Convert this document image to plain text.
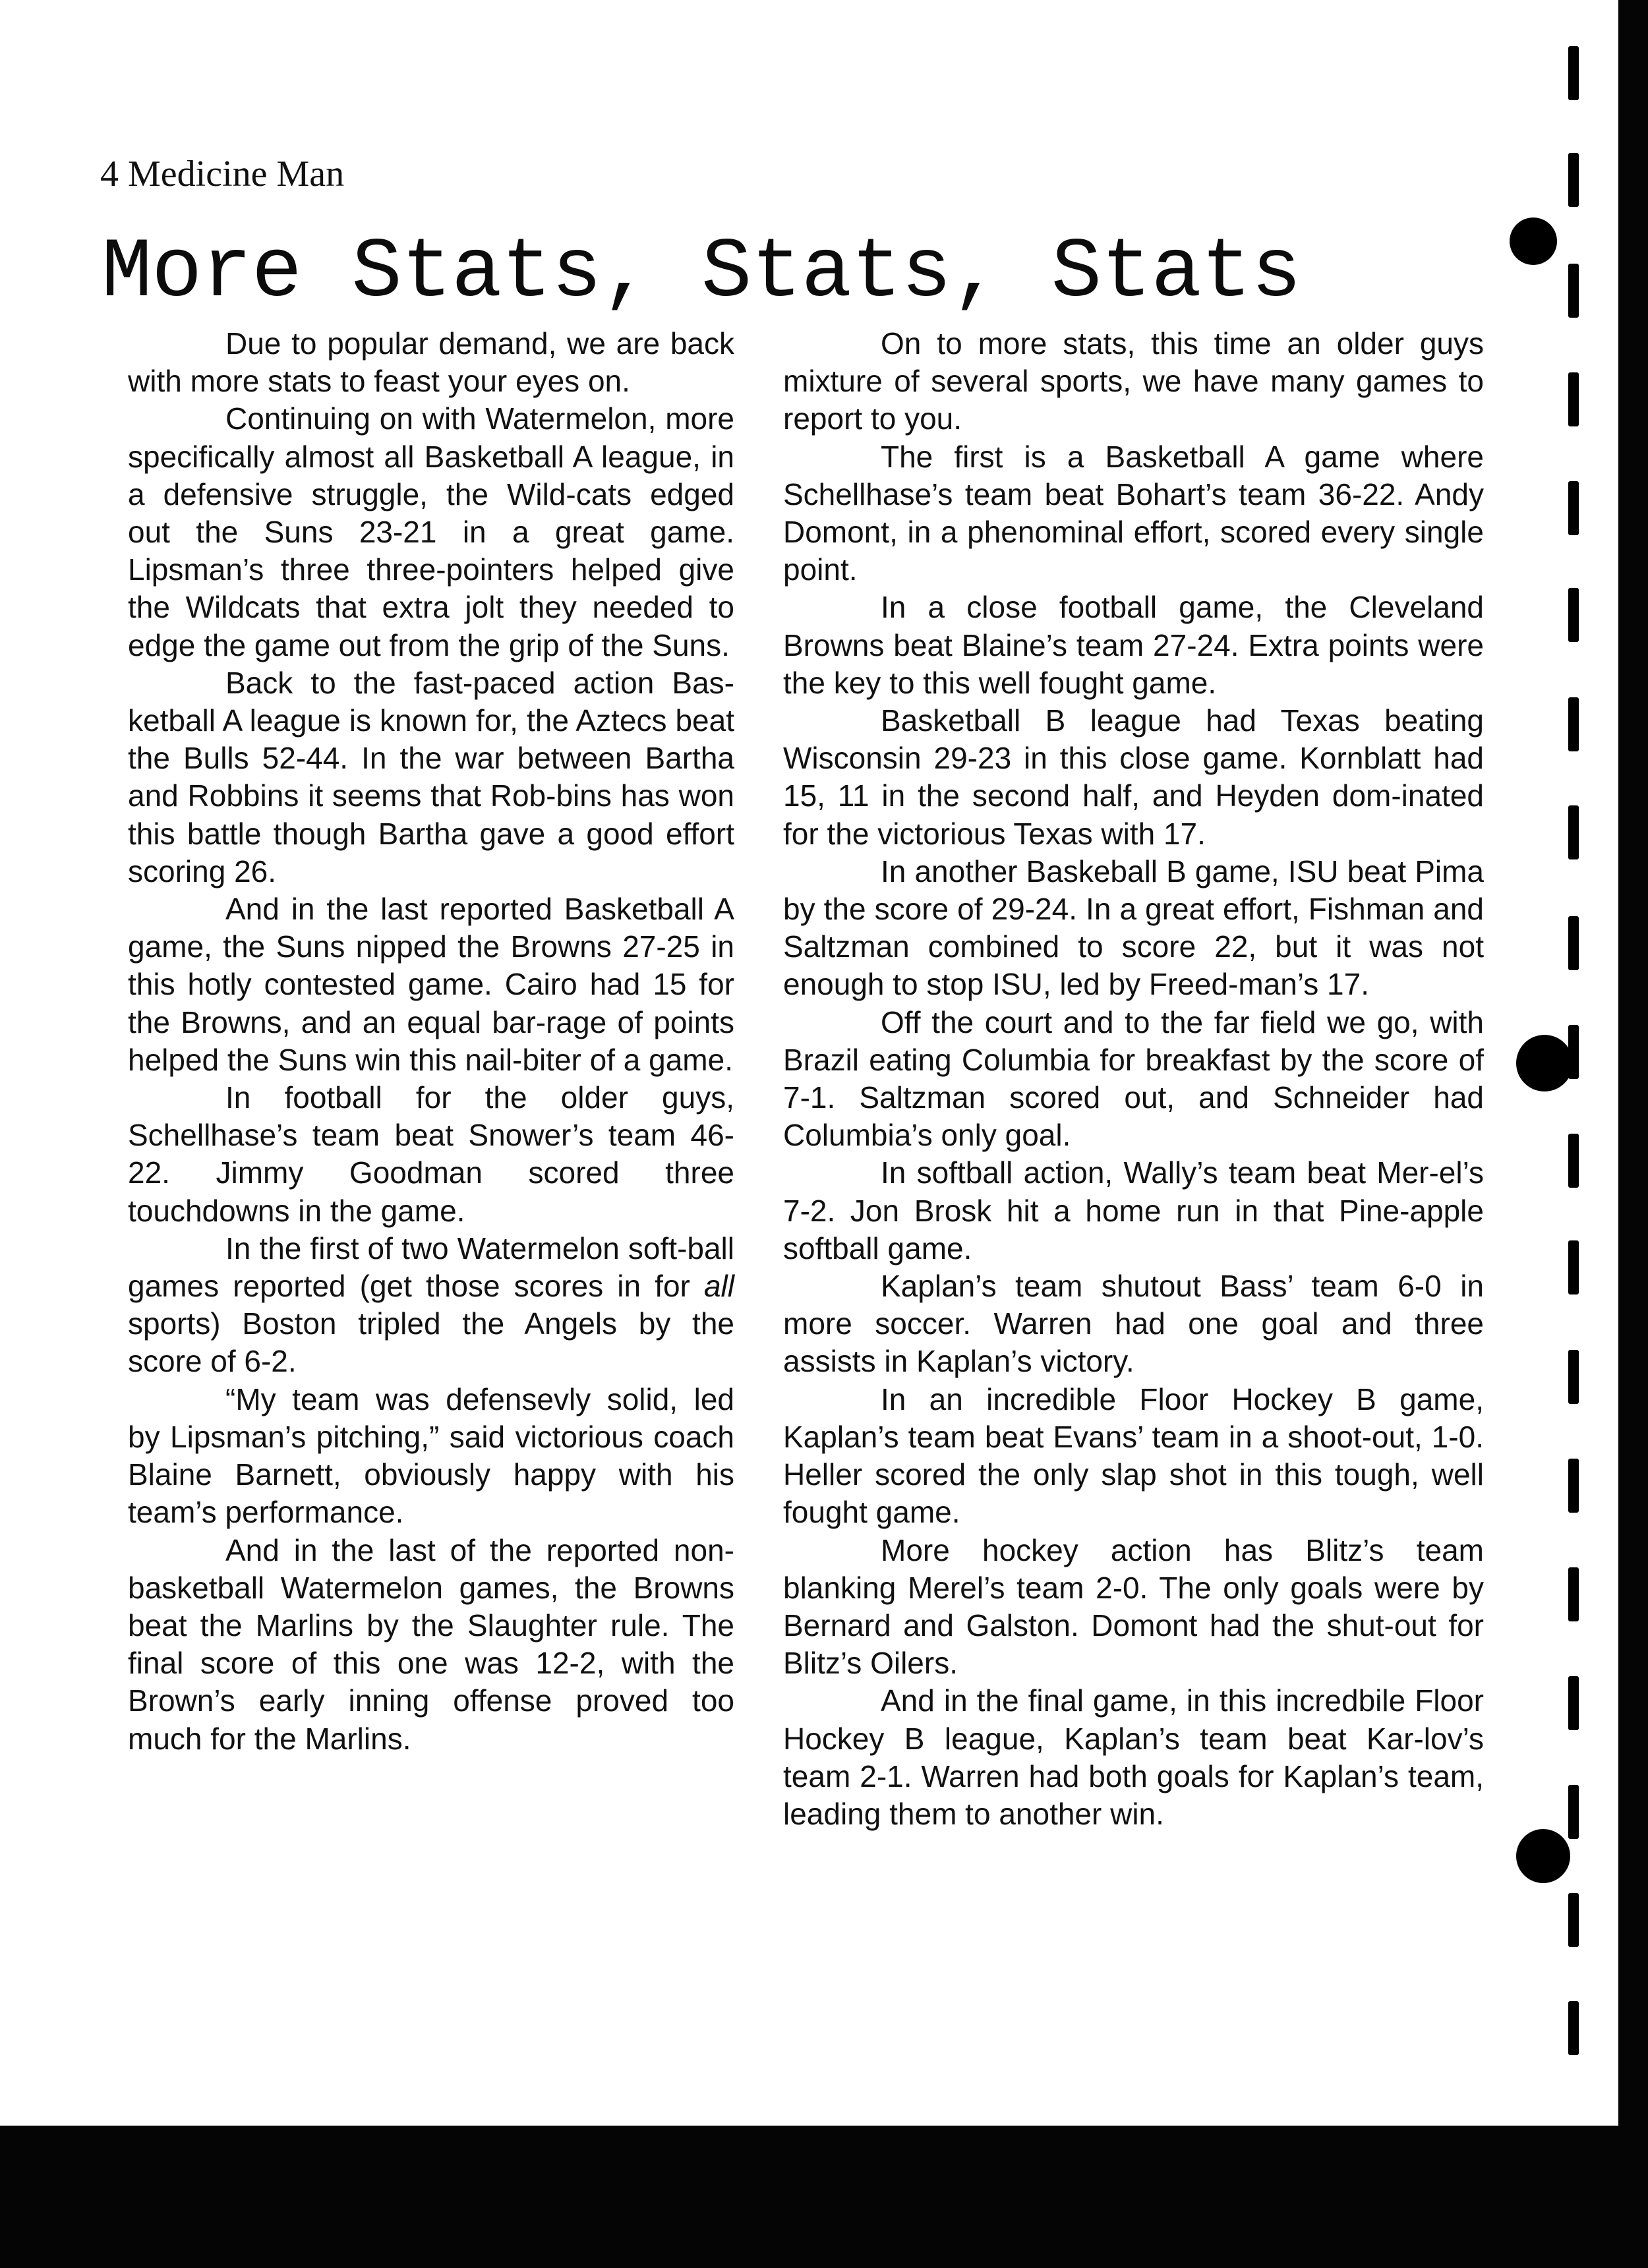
4 Medicine Man
More Stats, Stats, Stats

Due to popular demand, we are back with more stats to feast your eyes on.

Continuing on with Watermelon, more specifically almost all Basketball A league, in a defensive struggle, the Wild-cats edged out the Suns 23-21 in a great game. Lipsman’s three three-pointers helped give the Wildcats that extra jolt they needed to edge the game out from the grip of the Suns.

Back to the fast-paced action Bas-ketball A league is known for, the Aztecs beat the Bulls 52-44. In the war between Bartha and Robbins it seems that Rob-bins has won this battle though Bartha gave a good effort scoring 26.

And in the last reported Basketball A game, the Suns nipped the Browns 27-25 in this hotly contested game. Cairo had 15 for the Browns, and an equal bar-rage of points helped the Suns win this nail-biter of a game.

In football for the older guys, Schellhase’s team beat Snower’s team 46-22. Jimmy Goodman scored three touchdowns in the game.

In the first of two Watermelon soft-ball games reported (get those scores in for all sports) Boston tripled the Angels by the score of 6-2.

“My team was defensevly solid, led by Lipsman’s pitching,” said victorious coach Blaine Barnett, obviously happy with his team’s performance.

And in the last of the reported non-basketball Watermelon games, the Browns beat the Marlins by the Slaughter rule. The final score of this one was 12-2, with the Brown’s early inning offense proved too much for the Marlins.

On to more stats, this time an older guys mixture of several sports, we have many games to report to you.

The first is a Basketball A game where Schellhase’s team beat Bohart’s team 36-22. Andy Domont, in a phenominal effort, scored every single point.

In a close football game, the Cleveland Browns beat Blaine’s team 27-24. Extra points were the key to this well fought game.

Basketball B league had Texas beating Wisconsin 29-23 in this close game. Kornblatt had 15, 11 in the second half, and Heyden dom-inated for the victorious Texas with 17.

In another Baskeball B game, ISU beat Pima by the score of 29-24. In a great effort, Fishman and Saltzman combined to score 22, but it was not enough to stop ISU, led by Freed-man’s 17.

Off the court and to the far field we go, with Brazil eating Columbia for breakfast by the score of 7-1. Saltzman scored out, and Schneider had Columbia’s only goal.

In softball action, Wally’s team beat Mer-el’s 7-2. Jon Brosk hit a home run in that Pine-apple softball game.

Kaplan’s team shutout Bass’ team 6-0 in more soccer. Warren had one goal and three assists in Kaplan’s victory.

In an incredible Floor Hockey B game, Kaplan’s team beat Evans’ team in a shoot-out, 1-0. Heller scored the only slap shot in this tough, well fought game.

More hockey action has Blitz’s team blanking Merel’s team 2-0. The only goals were by Bernard and Galston. Domont had the shut-out for Blitz’s Oilers.

And in the final game, in this incredbile Floor Hockey B league, Kaplan’s team beat Kar-lov’s team 2-1. Warren had both goals for Kaplan’s team, leading them to another win.
